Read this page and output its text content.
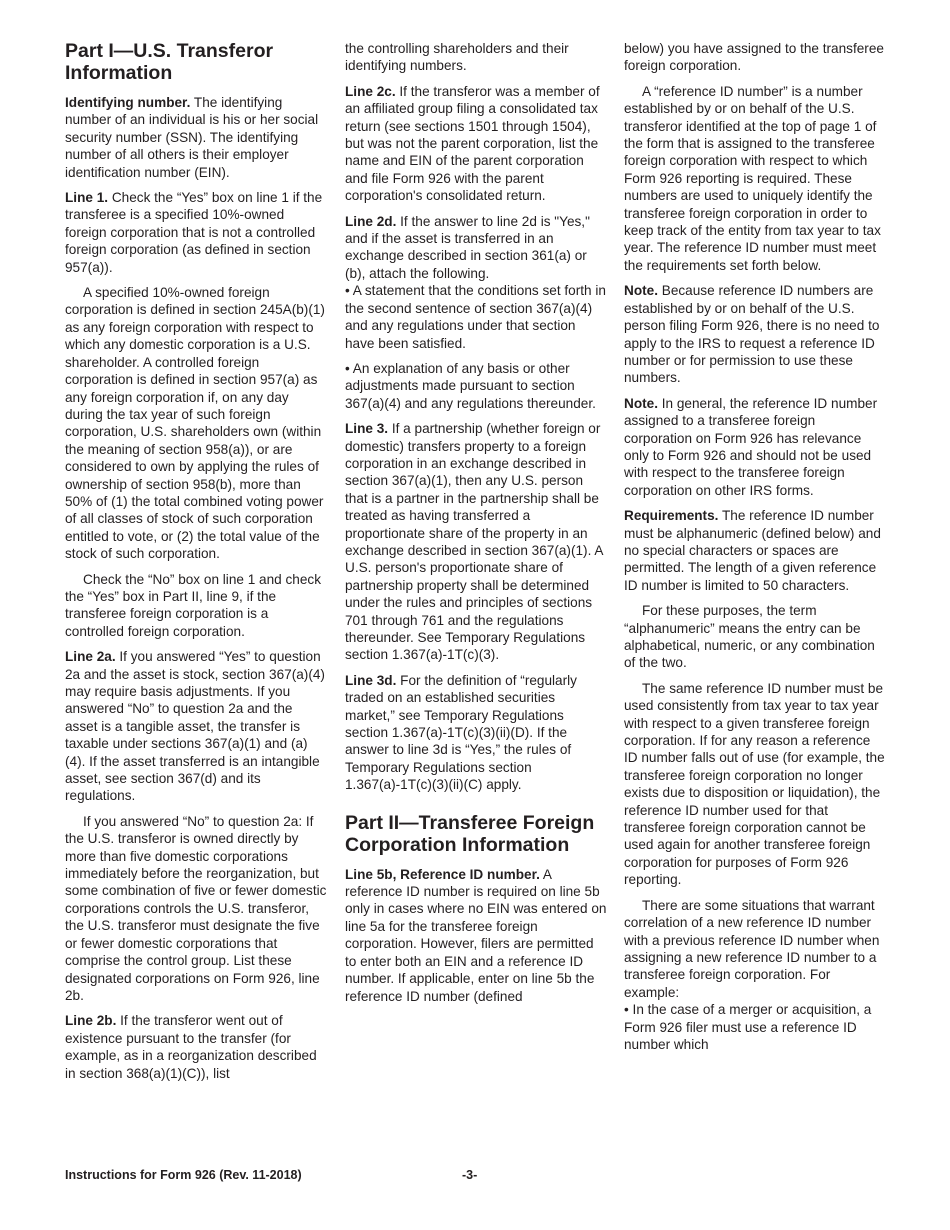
Part I—U.S. Transferor Information

Identifying number. The identifying number of an individual is his or her social security number (SSN). The identifying number of all others is their employer identification number (EIN).

Line 1. Check the “Yes” box on line 1 if the transferee is a specified 10%-owned foreign corporation that is not a controlled foreign corporation (as defined in section 957(a)).

A specified 10%-owned foreign corporation is defined in section 245A(b)(1) as any foreign corporation with respect to which any domestic corporation is a U.S. shareholder. A controlled foreign corporation is defined in section 957(a) as any foreign corporation if, on any day during the tax year of such foreign corporation, U.S. shareholders own (within the meaning of section 958(a)), or are considered to own by applying the rules of ownership of section 958(b), more than 50% of (1) the total combined voting power of all classes of stock of such corporation entitled to vote, or (2) the total value of the stock of such corporation.

Check the “No” box on line 1 and check the “Yes” box in Part II, line 9, if the transferee foreign corporation is a controlled foreign corporation.

Line 2a. If you answered “Yes” to question 2a and the asset is stock, section 367(a)(4) may require basis adjustments. If you answered “No” to question 2a and the asset is a tangible asset, the transfer is taxable under sections 367(a)(1) and (a)(4). If the asset transferred is an intangible asset, see section 367(d) and its regulations.

If you answered “No” to question 2a: If the U.S. transferor is owned directly by more than five domestic corporations immediately before the reorganization, but some combination of five or fewer domestic corporations controls the U.S. transferor, the U.S. transferor must designate the five or fewer domestic corporations that comprise the control group. List these designated corporations on Form 926, line 2b.

Line 2b. If the transferor went out of existence pursuant to the transfer (for example, as in a reorganization described in section 368(a)(1)(C)), list

the controlling shareholders and their identifying numbers.

Line 2c. If the transferor was a member of an affiliated group filing a consolidated tax return (see sections 1501 through 1504), but was not the parent corporation, list the name and EIN of the parent corporation and file Form 926 with the parent corporation's consolidated return.

Line 2d. If the answer to line 2d is "Yes," and if the asset is transferred in an exchange described in section 361(a) or (b), attach the following.

• A statement that the conditions set forth in the second sentence of section 367(a)(4) and any regulations under that section have been satisfied.

• An explanation of any basis or other adjustments made pursuant to section 367(a)(4) and any regulations thereunder.

Line 3. If a partnership (whether foreign or domestic) transfers property to a foreign corporation in an exchange described in section 367(a)(1), then any U.S. person that is a partner in the partnership shall be treated as having transferred a proportionate share of the property in an exchange described in section 367(a)(1). A U.S. person's proportionate share of partnership property shall be determined under the rules and principles of sections 701 through 761 and the regulations thereunder. See Temporary Regulations section 1.367(a)-1T(c)(3).

Line 3d. For the definition of “regularly traded on an established securities market,” see Temporary Regulations section 1.367(a)-1T(c)(3)(ii)(D). If the answer to line 3d is “Yes,” the rules of Temporary Regulations section 1.367(a)-1T(c)(3)(ii)(C) apply.

Part II—Transferee Foreign Corporation Information

Line 5b, Reference ID number. A reference ID number is required on line 5b only in cases where no EIN was entered on line 5a for the transferee foreign corporation. However, filers are permitted to enter both an EIN and a reference ID number. If applicable, enter on line 5b the reference ID number (defined

below) you have assigned to the transferee foreign corporation.

A “reference ID number” is a number established by or on behalf of the U.S. transferor identified at the top of page 1 of the form that is assigned to the transferee foreign corporation with respect to which Form 926 reporting is required. These numbers are used to uniquely identify the transferee foreign corporation in order to keep track of the entity from tax year to tax year. The reference ID number must meet the requirements set forth below.

Note. Because reference ID numbers are established by or on behalf of the U.S. person filing Form 926, there is no need to apply to the IRS to request a reference ID number or for permission to use these numbers.

Note. In general, the reference ID number assigned to a transferee foreign corporation on Form 926 has relevance only to Form 926 and should not be used with respect to the transferee foreign corporation on other IRS forms.

Requirements. The reference ID number must be alphanumeric (defined below) and no special characters or spaces are permitted. The length of a given reference ID number is limited to 50 characters.

For these purposes, the term “alphanumeric” means the entry can be alphabetical, numeric, or any combination of the two.

The same reference ID number must be used consistently from tax year to tax year with respect to a given transferee foreign corporation. If for any reason a reference ID number falls out of use (for example, the transferee foreign corporation no longer exists due to disposition or liquidation), the reference ID number used for that transferee foreign corporation cannot be used again for another transferee foreign corporation for purposes of Form 926 reporting.

There are some situations that warrant correlation of a new reference ID number with a previous reference ID number when assigning a new reference ID number to a transferee foreign corporation. For example:

• In the case of a merger or acquisition, a Form 926 filer must use a reference ID number which

Instructions for Form 926 (Rev. 11-2018)	-3-
